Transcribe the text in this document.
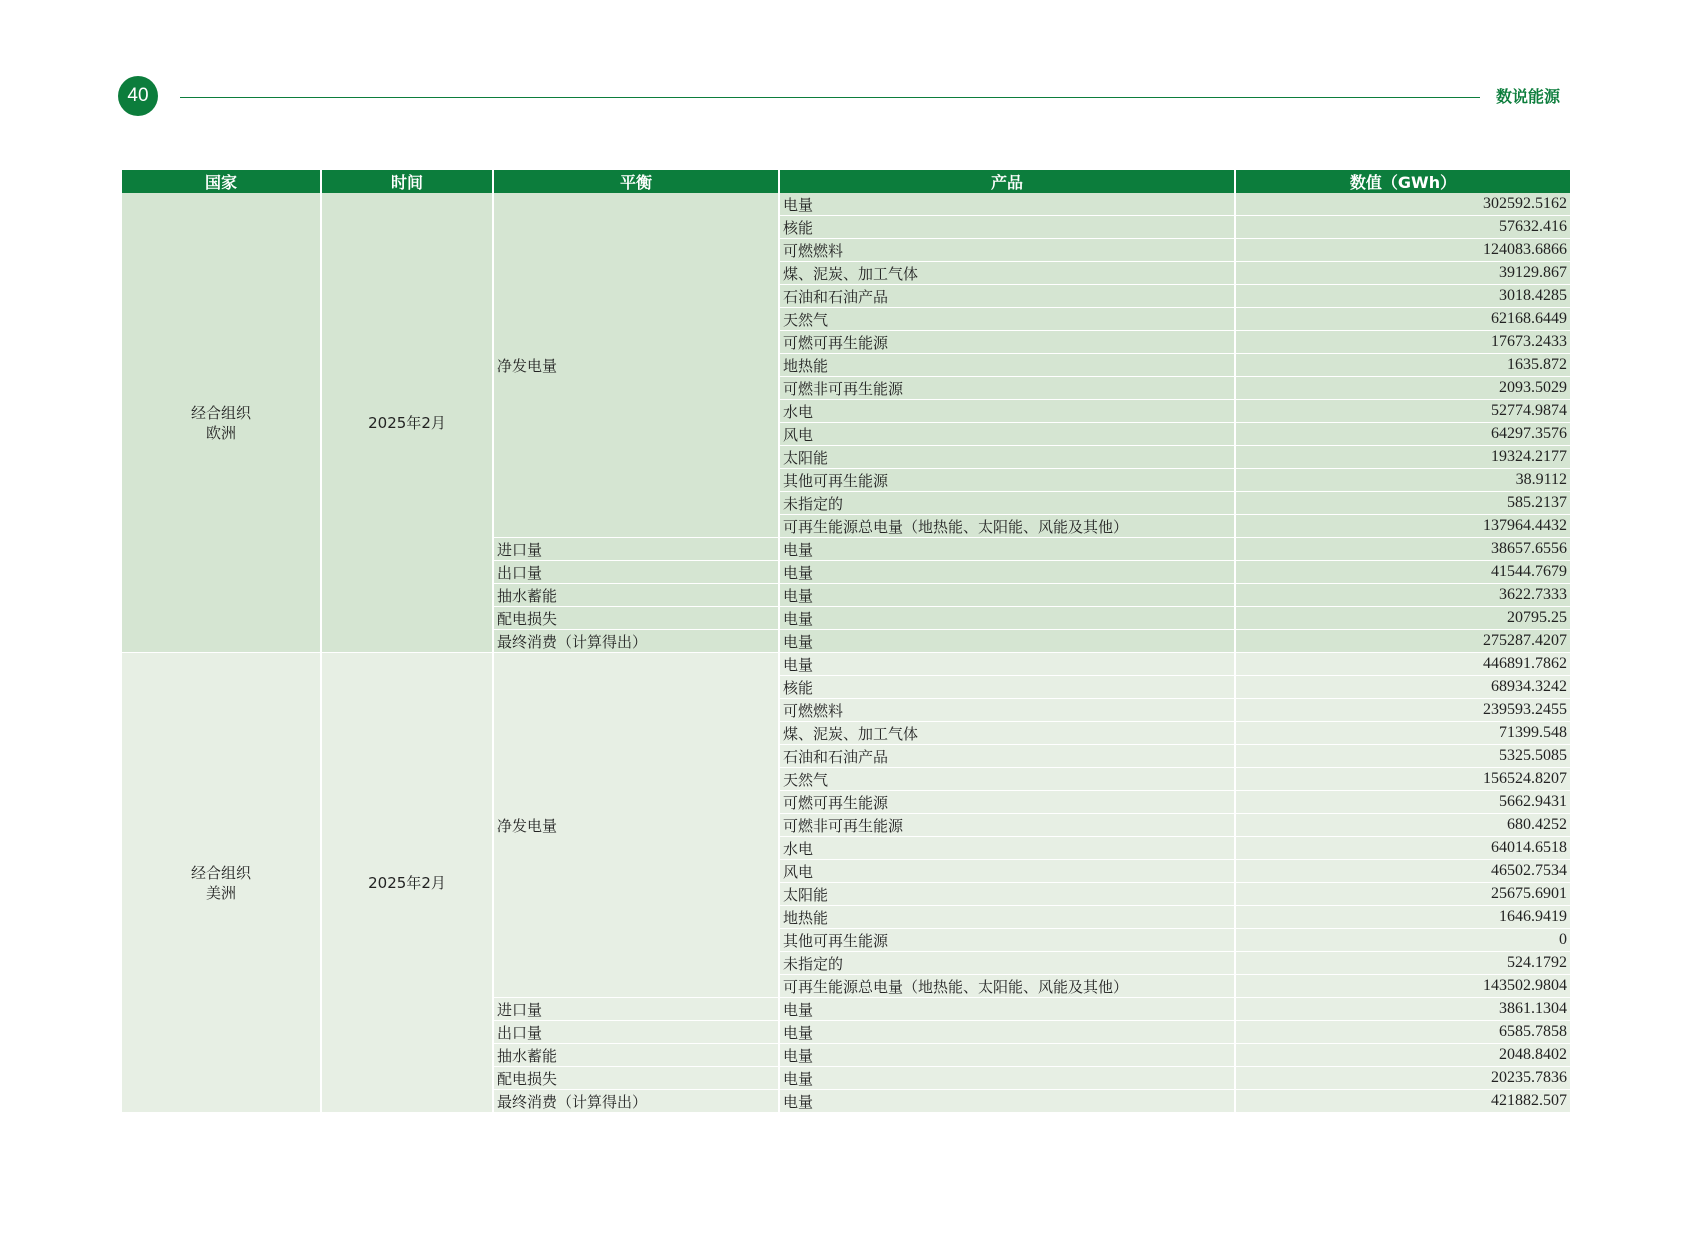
40	数说能源
国家	时间	平衡	产品	数值（GWh）

经合组织
欧洲	2025年2月	净发电量	电量	302592.5162
			核能	57632.416
			可燃燃料	124083.6866
			煤、泥炭、加工气体	39129.867
			石油和石油产品	3018.4285
			天然气	62168.6449
			可燃可再生能源	17673.2433
			地热能	1635.872
			可燃非可再生能源	2093.5029
			水电	52774.9874
			风电	64297.3576
			太阳能	19324.2177
			其他可再生能源	38.9112
			未指定的	585.2137
			可再生能源总电量（地热能、太阳能、风能及其他）	137964.4432
		进口量	电量	38657.6556
		出口量	电量	41544.7679
		抽水蓄能	电量	3622.7333
		配电损失	电量	20795.25
		最终消费（计算得出）	电量	275287.4207

经合组织
美洲	2025年2月	净发电量	电量	446891.7862
			核能	68934.3242
			可燃燃料	239593.2455
			煤、泥炭、加工气体	71399.548
			石油和石油产品	5325.5085
			天然气	156524.8207
			可燃可再生能源	5662.9431
			可燃非可再生能源	680.4252
			水电	64014.6518
			风电	46502.7534
			太阳能	25675.6901
			地热能	1646.9419
			其他可再生能源	0
			未指定的	524.1792
			可再生能源总电量（地热能、太阳能、风能及其他）	143502.9804
		进口量	电量	3861.1304
		出口量	电量	6585.7858
		抽水蓄能	电量	2048.8402
		配电损失	电量	20235.7836
		最终消费（计算得出）	电量	421882.507
